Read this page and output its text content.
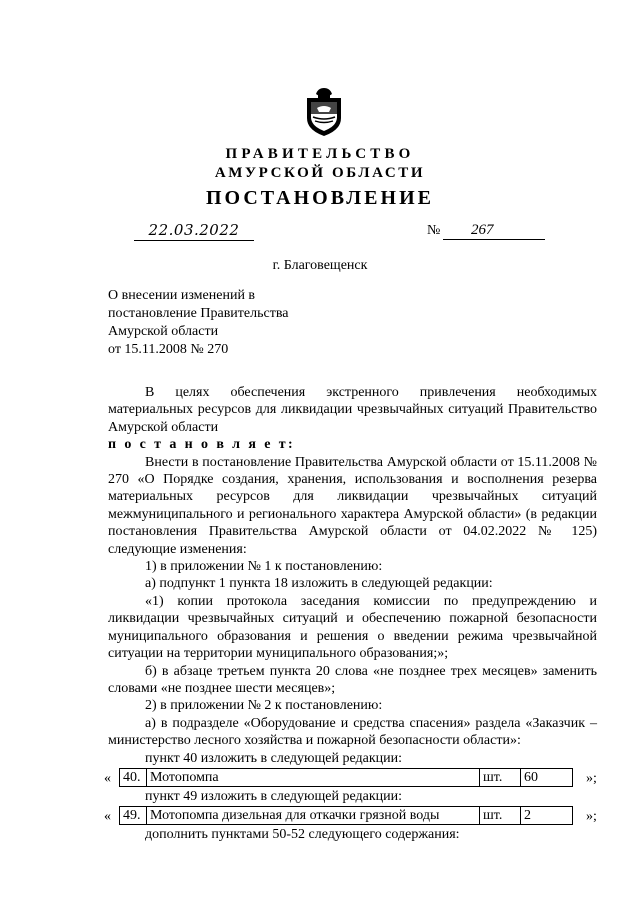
ПРАВИТЕЛЬСТВО
АМУРСКОЙ ОБЛАСТИ
ПОСТАНОВЛЕНИЕ
22.03.2022	№	267
г. Благовещенск
О внесении изменений в
постановление Правительства
Амурской области
от 15.11.2008 № 270

В целях обеспечения экстренного привлечения необходимых материальных ресурсов для ликвидации чрезвычайных ситуаций Правительство Амурской области

п о с т а н о в л я е т:

Внести в постановление Правительства Амурской области от 15.11.2008 № 270 «О Порядке создания, хранения, использования и восполнения резерва материальных ресурсов для ликвидации чрезвычайных ситуаций межмуниципального и регионального характера Амурской области» (в редакции постановления Правительства Амурской области от 04.02.2022 № 125) следующие изменения:

1) в приложении № 1 к постановлению:

а) подпункт 1 пункта 18 изложить в следующей редакции:

«1) копии протокола заседания комиссии по предупреждению и ликвидации чрезвычайных ситуаций и обеспечению пожарной безопасности муниципального образования и решения о введении режима чрезвычайной ситуации на территории муниципального образования;»;

б) в абзаце третьем пункта 20 слова «не позднее трех месяцев» заменить словами «не позднее шести месяцев»;

2) в приложении № 2 к постановлению:

а) в подразделе «Оборудование и средства спасения» раздела «Заказчик – министерство лесного хозяйства и пожарной безопасности области»:

пункт 40 изложить в следующей редакции:

« 40. Мотопомпа	шт.	60	»;

пункт 49 изложить в следующей редакции:

« 49. Мотопомпа дизельная для откачки грязной воды	шт.	2	»;

дополнить пунктами 50-52 следующего содержания:
